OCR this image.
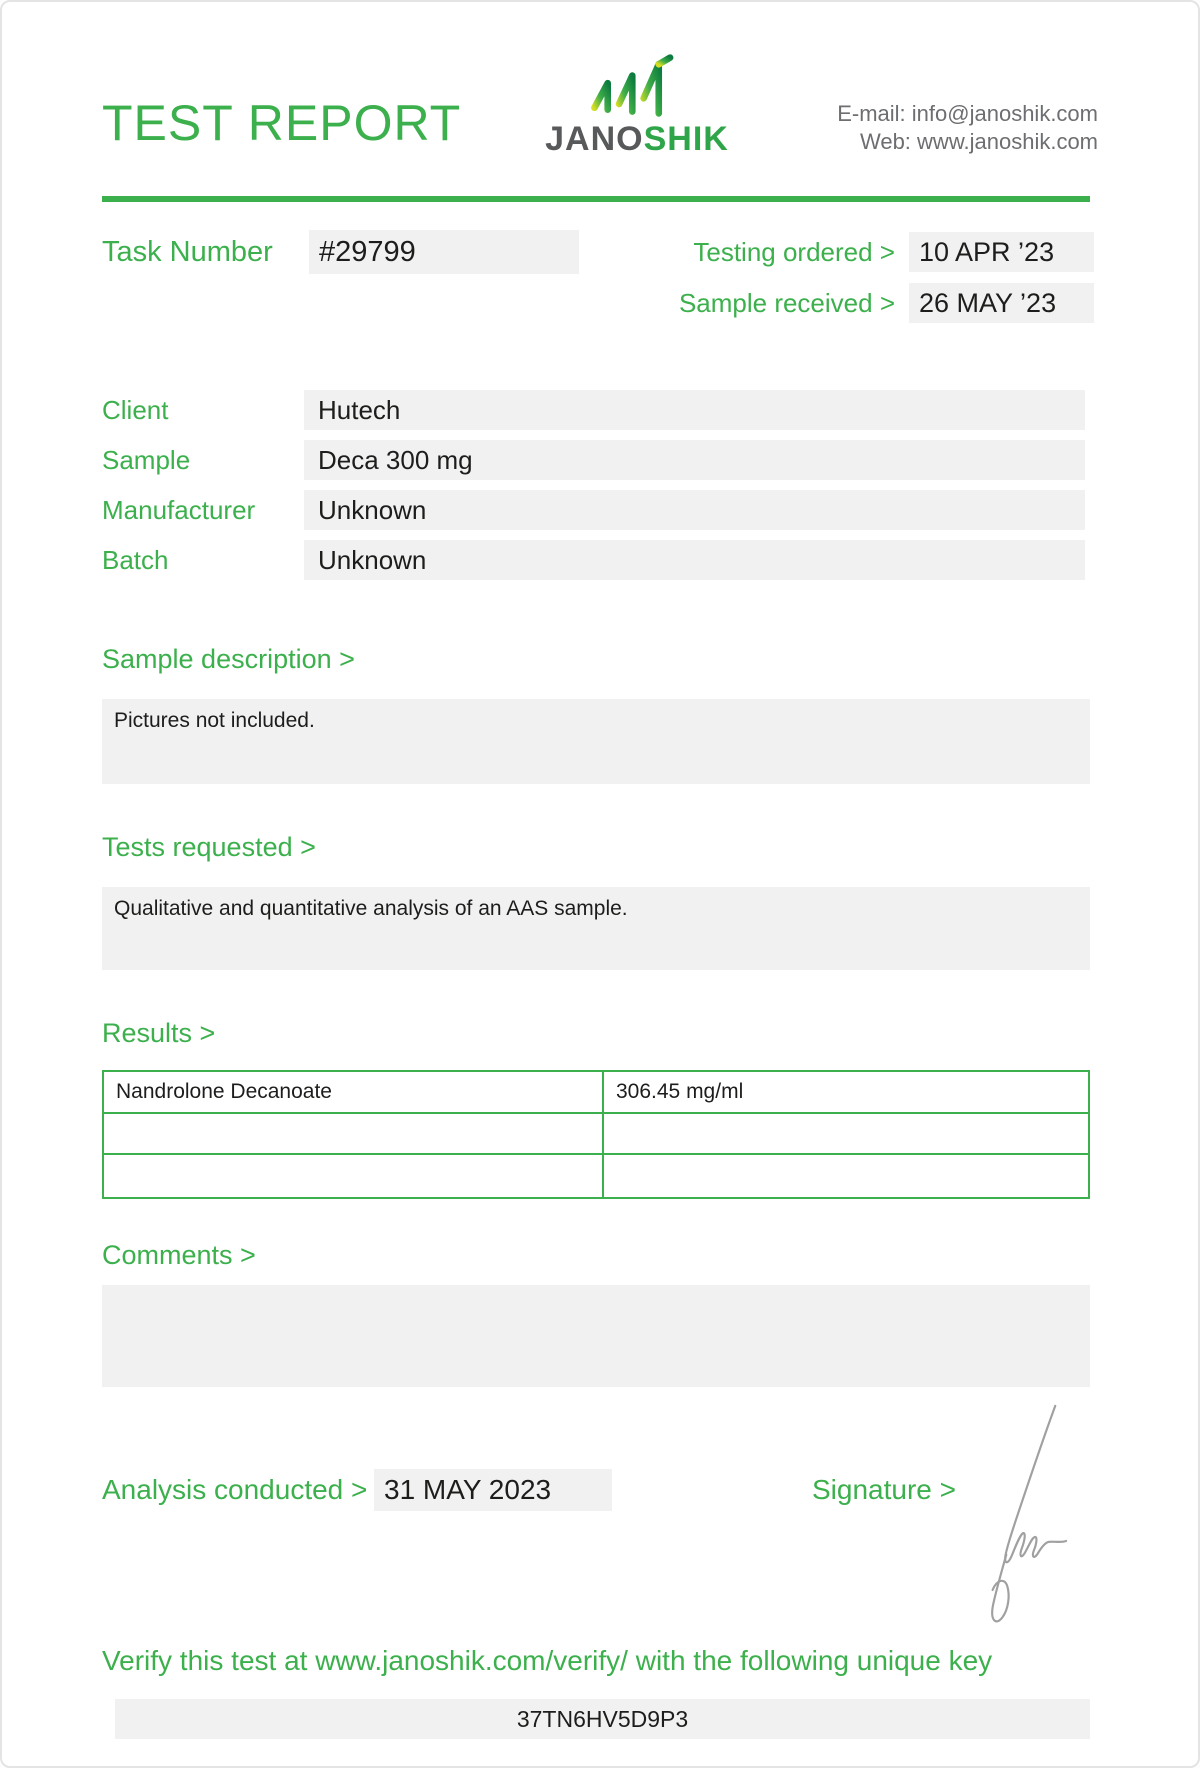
TEST REPORT JANOSHIK
E-mail: info@janoshik.com
Web: www.janoshik.com
Task Number	#29799	Testing ordered > 10 APR ’23
Sample received > 26 MAY ’23
Client	Hutech
Sample	Deca 300 mg
Manufacturer	Unknown
Batch	Unknown
Sample description >
Pictures not included.
Tests requested >
Qualitative and quantitative analysis of an AAS sample.
Results >
Nandrolone Decanoate	306.45 mg/ml
Comments >
Analysis conducted > 31 MAY 2023	Signature >
Verify this test at www.janoshik.com/verify/ with the following unique key
37TN6HV5D9P3
